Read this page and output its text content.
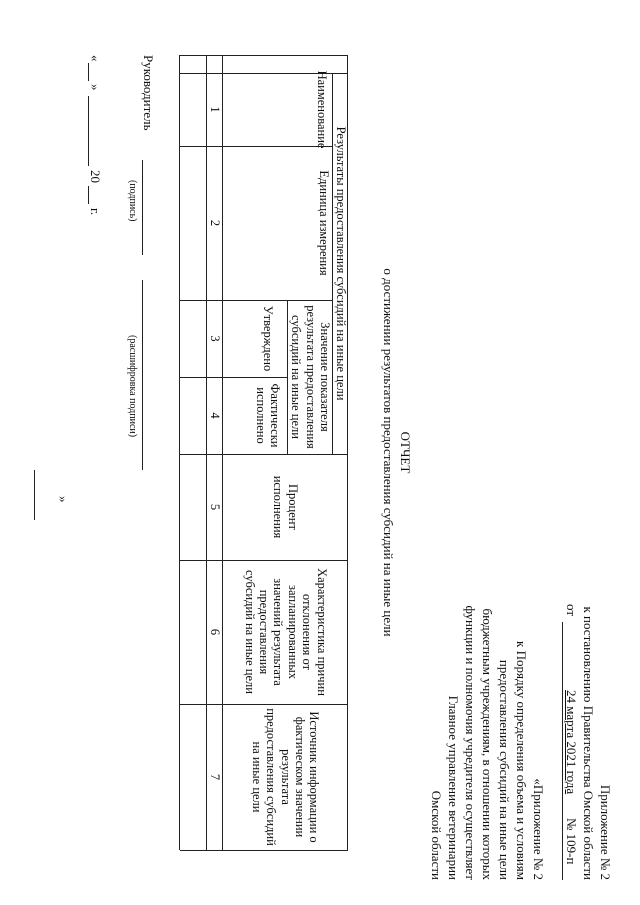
Приложение № 2
к постановлению Правительства Омской области
от
24 марта 2021 года
№ 109-п
«Приложение № 2
к Порядку определения объема и условиям
предоставления субсидий на иные цели
бюджетным учреждениям, в отношении которых
функции и полномочия учредителя осуществляет
Главное управление ветеринарии
Омской области
ОТЧЕТ
о достижении результатов предоставления субсидий на иные цели
Наименование
Результаты предоставления субсидий на иные цели
Единица измерения
Значение показателя результата предоставления субсидий на иные цели
Утверждено
Фактически исполнено
Процент исполнения
Характеристика причин отклонения от запланированных значений результата предоставления субсидий на иные цели
Источник информации о фактическом значении результата предоставления субсидий на иные цели
1
2
3
4
5
6
7
Руководитель
(подпись)
(расшифровка подписи)
«
»
20
г.
»
